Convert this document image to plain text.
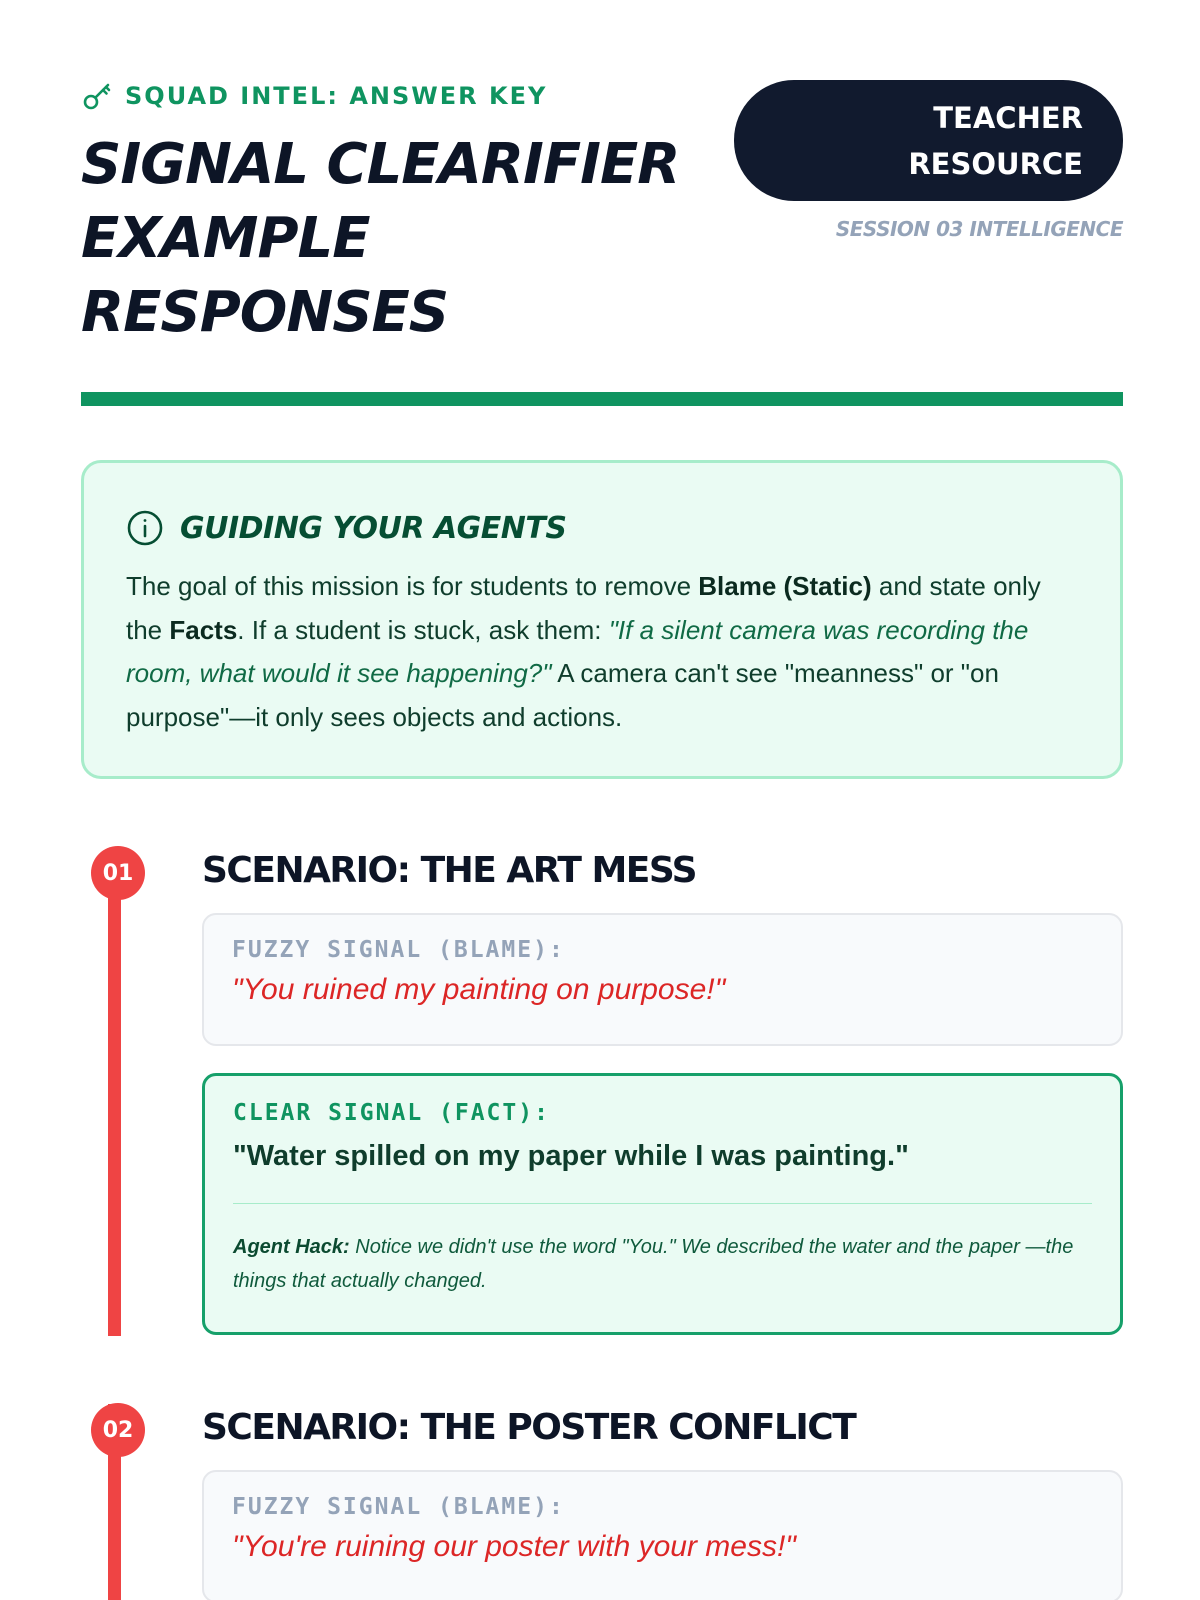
SQUAD INTEL: ANSWER KEY
SIGNAL CLEARIFIER
EXAMPLE
RESPONSES
TEACHER
RESOURCE
SESSION 03 INTELLIGENCE
GUIDING YOUR AGENTS

The goal of this mission is for students to remove Blame (Static) and state only the Facts. If a student is stuck, ask them: "If a silent camera was recording the room, what would it see happening?" A camera can't see "meanness" or "on purpose"—it only sees objects and actions.

01	SCENARIO: THE ART MESS
FUZZY SIGNAL (BLAME):
"You ruined my painting on purpose!"
CLEAR SIGNAL (FACT):
"Water spilled on my paper while I was painting."

Agent Hack: Notice we didn't use the word "You." We described the water and the paper —the things that actually changed.

02	SCENARIO: THE POSTER CONFLICT
FUZZY SIGNAL (BLAME):
"You're ruining our poster with your mess!"
